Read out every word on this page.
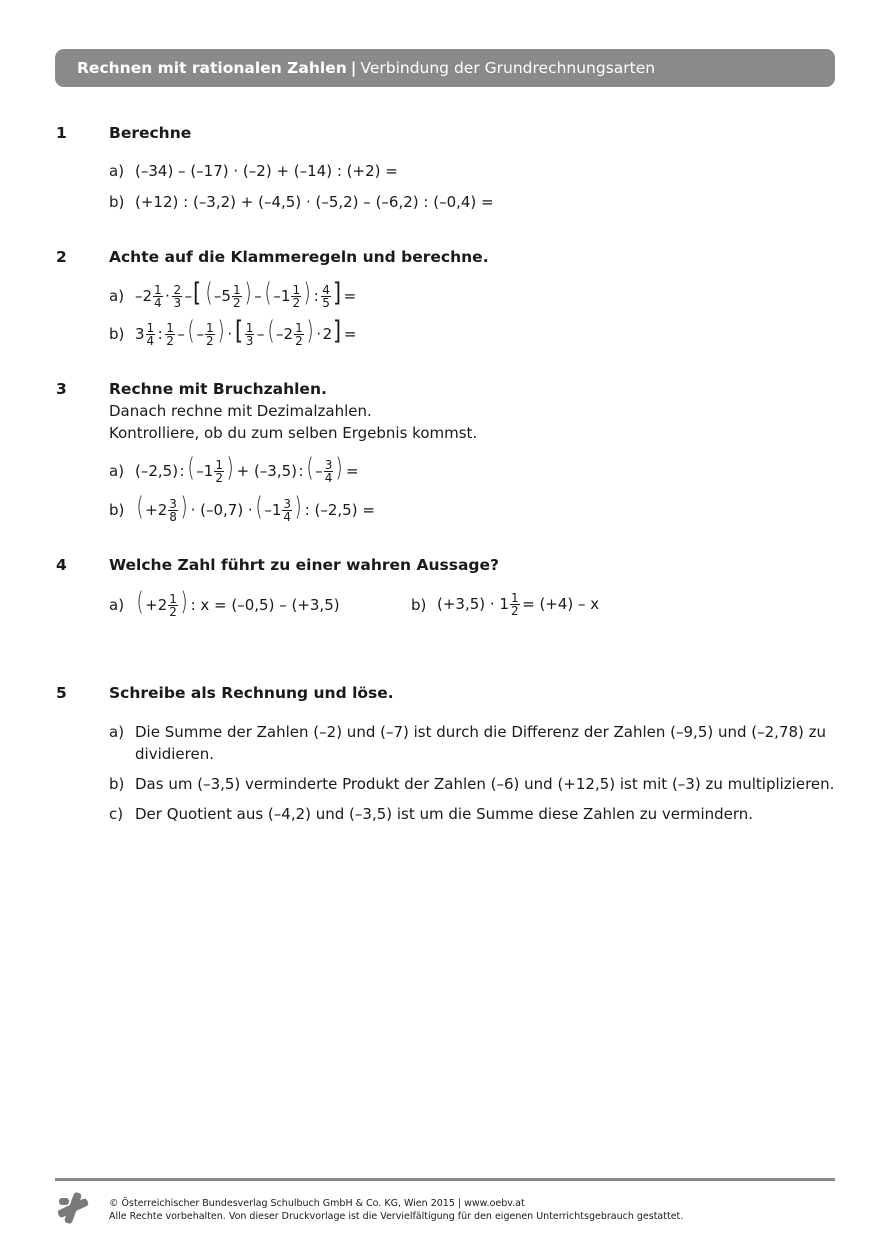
Rechnen mit rationalen Zahlen | Verbindung der Grundrechnungsarten
1	Berechne
a) (–34) – (–17) · (–2) + (–14) : (+2) =
b) (+12) : (–3,2) + (–4,5) · (–5,2) – (–6,2) : (–0,4) =
2	Achte auf die Klammeregeln und berechne.
a) $-2 \frac{1}{4}$  ·  $\frac{2}{3}$  –[  ( $-5 \frac{1}{2}$ ) – ( $-1 \frac{1}{2}$ ) :  $\frac{4}{5}$ ] =
b) $3 \frac{1}{4}$  :  $\frac{1}{2}$  – ( – $\frac{1}{2}$ ) · [ $\frac{1}{3}$  – ( $-2 \frac{1}{2}$ ) · 2] =
3	Rechne mit Bruchzahlen.
Danach rechne mit Dezimalzahlen.
Kontrolliere, ob du zum selben Ergebnis kommst.
a) (–2,5) : ( $-1 \frac{1}{2}$ ) + (–3,5) : ( – $\frac{3}{4}$ ) =
b) ( $+2 \frac{3}{8}$ ) · (–0,7) · ( $-1 \frac{3}{4}$ ) : (–2,5) =
4	Welche Zahl führt zu einer wahren Aussage?
a) ( $+2 \frac{1}{2}$ ) : x = (–0,5) – (+3,5)	b) $(+3,5) \cdot 1 \frac{1}{2}$  = (+4) – x
5	Schreibe als Rechnung und löse.
a) Die Summe der Zahlen (–2) und (–7) ist durch die Differenz der Zahlen (–9,5) und (–2,78) zu dividieren.
b) Das um (–3,5) verminderte Produkt der Zahlen (–6) und (+12,5) ist mit (–3) zu multiplizieren.
c) Der Quotient aus (–4,2) und (–3,5) ist um die Summe diese Zahlen zu vermindern.
© Österreichischer Bundesverlag Schulbuch GmbH & Co. KG, Wien 2015 | www.oebv.at
Alle Rechte vorbehalten. Von dieser Druckvorlage ist die Vervielfältigung für den eigenen Unterrichtsgebrauch gestattet.
